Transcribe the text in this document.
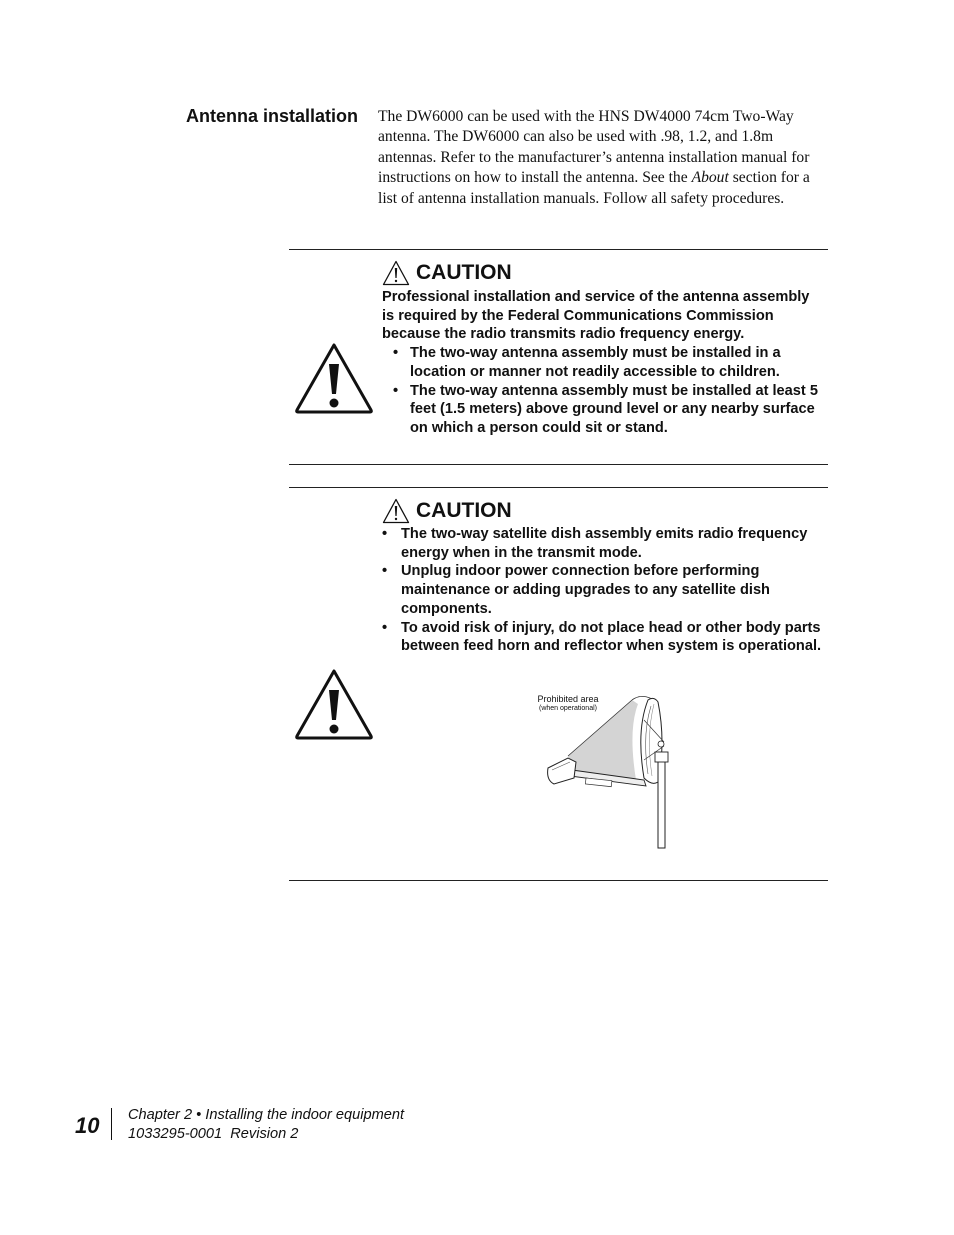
Antenna installation The DW6000 can be used with the HNS DW4000 74cm Two-Way antenna. The DW6000 can also be used with .98, 1.2, and 1.8m antennas. Refer to the manufacturer’s antenna installation manual for instructions on how to install the antenna. See the About section for a list of antenna installation manuals. Follow all safety procedures.
CAUTION

Professional installation and service of the antenna assembly is required by the Federal Communications Commission because the radio transmits radio frequency energy.

• The two-way antenna assembly must be installed in a location or manner not readily accessible to children.
• The two-way antenna assembly must be installed at least 5 feet (1.5 meters) above ground level or any nearby surface on which a person could sit or stand.
CAUTION
• The two-way satellite dish assembly emits radio frequency energy when in the transmit mode.
• Unplug indoor power connection before performing maintenance or adding upgrades to any satellite dish components.
• To avoid risk of injury, do not place head or other body parts between feed horn and reflector when system is operational.
Prohibited area
(when operational)
10 Chapter 2 • Installing the indoor equipment
1033295-0001  Revision 2
